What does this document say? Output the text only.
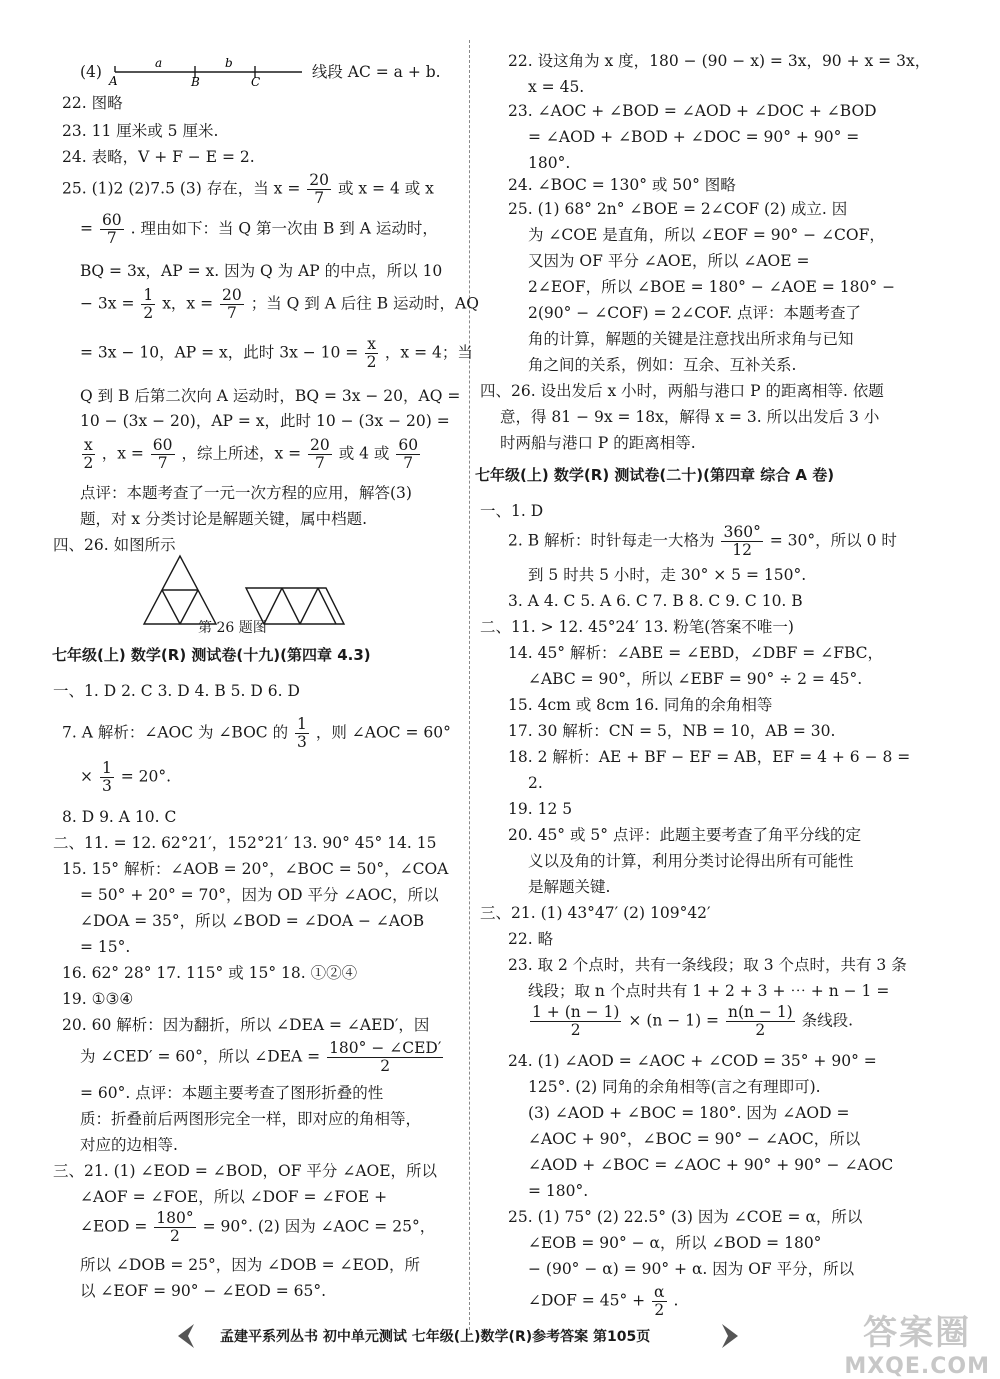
(4)	a	b
A	B	C
线段 AC = a + b.
22. 图略
23. 11 厘米或 5 厘米.
24. 表略，V + F − E = 2.
25. (1)2 (2)7.5 (3) 存在，当 $x = \frac{20}{7}$ 或 x = 4 或 x
= $\frac{60}{7}$ . 理由如下：当 Q 第一次由 B 到 A 运动时，
BQ = 3x，AP = x. 因为 Q 为 AP 的中点，所以 10
− $3x = \frac{1}{2}$ x，$x = \frac{20}{7}$ ；当 Q 到 A 后往 B 运动时，AQ
= 3x − 10，AP = x，此时 $3x - 10 = \frac{x}{2}$ ，x = 4；当
Q 到 B 后第二次向 A 运动时，BQ = 3x − 20，AQ =
10 − (3x − 20)，AP = x，此时 10 − (3x − 20) =
$\frac{x}{2}$ ，$x = \frac{60}{7}$ ，综上所述，$x = \frac{20}{7}$ 或 4 或 $\frac{60}{7}$
点评：本题考查了一元一次方程的应用，解答(3)
题，对 x 分类讨论是解题关键，属中档题.
四、26. 如图所示
第 26 题图
七年级(上) 数学(R) 测试卷(十九)(第四章 4.3)
一、1. D 2. C 3. D 4. B 5. D 6. D
7. A 解析：∠AOC 为 ∠BOC 的 $\frac{1}{3}$ ，则 ∠AOC = 60°
× $\frac{1}{3} = 20^\circ$.
8. D 9. A 10. C
二、11. = 12. 62°21′，152°21′ 13. 90° 45° 14. 15
15. 15° 解析：∠AOB = 20°，∠BOC = 50°，∠COA
= 50° + 20° = 70°，因为 OD 平分 ∠AOC，所以
∠DOA = 35°，所以 ∠BOD = ∠DOA − ∠AOB
= 15°.
16. 62° 28° 17. 115° 或 15° 18. ①②④
19. ①③④
20. 60 解析：因为翻折，所以 ∠DEA = ∠AED′，因
为 ∠CED′ = 60°，所以 ∠DEA = $\frac{\text{180° − ∠CED′}}{2}$
= 60°. 点评：本题主要考查了图形折叠的性
质：折叠前后两图形完全一样，即对应的角相等，
对应的边相等.
三、21. (1) ∠EOD = ∠BOD，OF 平分 ∠AOE，所以
∠AOF = ∠FOE，所以 ∠DOF = ∠FOE +
∠EOD = $\frac{180^\circ}{2} = 90^\circ$. (2) 因为 ∠AOC = 25°，
所以 ∠DOB = 25°，因为 ∠DOB = ∠EOD，所
以 ∠EOF = 90° − ∠EOD = 65°.
22. 设这角为 x 度，180 − (90 − x) = 3x，90 + x = 3x，
x = 45.
23. ∠AOC + ∠BOD = ∠AOD + ∠DOC + ∠BOD
= ∠AOD + ∠BOD + ∠DOC = 90° + 90° =
180°.
24. ∠BOC = 130° 或 50° 图略
25. (1) 68° 2n° ∠BOE = 2∠COF (2) 成立. 因
为 ∠COE 是直角，所以 ∠EOF = 90° − ∠COF，
又因为 OF 平分 ∠AOE，所以 ∠AOE =
2∠EOF，所以 ∠BOE = 180° − ∠AOE = 180° −
2(90° − ∠COF) = 2∠COF. 点评：本题考查了
角的计算，解题的关键是注意找出所求角与已知
角之间的关系，例如：互余、互补关系.
四、26. 设出发后 x 小时，两船与港口 P 的距离相等. 依题
意，得 81 − 9x = 18x，解得 x = 3. 所以出发后 3 小
时两船与港口 P 的距离相等.
七年级(上) 数学(R) 测试卷(二十)(第四章 综合 A 卷)
一、1. D
2. B 解析：时针每走一大格为 $\frac{360^\circ}{12} = 30^\circ$，所以 0 时
到 5 时共 5 小时，走 30° × 5 = 150°.
3. A 4. C 5. A 6. C 7. B 8. C 9. C 10. B
二、11. > 12. 45°24′ 13. 粉笔(答案不唯一)
14. 45° 解析：∠ABE = ∠EBD，∠DBF = ∠FBC，
∠ABC = 90°，所以 ∠EBF = 90° ÷ 2 = 45°.
15. 4cm 或 8cm 16. 同角的余角相等
17. 30 解析：CN = 5，NB = 10，AB = 30.
18. 2 解析：AE + BF − EF = AB，EF = 4 + 6 − 8 =
2.
19. 12 5
20. 45° 或 5° 点评：此题主要考查了角平分线的定
义以及角的计算，利用分类讨论得出所有可能性
是解题关键.
三、21. (1) 43°47′ (2) 109°42′
22. 略
23. 取 2 个点时，共有一条线段；取 3 个点时，共有 3 条
线段；取 n 个点时共有 1 + 2 + 3 + ⋯ + n − 1 =
$\frac{1 + (n - 1)}{2} \times (n - 1) = \frac{n(n - 1)}{2}$ 条线段.
24. (1) ∠AOD = ∠AOC + ∠COD = 35° + 90° =
125°. (2) 同角的余角相等(言之有理即可).
(3) ∠AOD + ∠BOC = 180°. 因为 ∠AOD =
∠AOC + 90°，∠BOC = 90° − ∠AOC，所以
∠AOD + ∠BOC = ∠AOC + 90° + 90° − ∠AOC
= 180°.
25. (1) 75° (2) 22.5° (3) 因为 ∠COE = α，所以
∠EOB = 90° − α，所以 ∠BOD = 180°
− (90° − α) = 90° + α. 因为 OF 平分，所以
∠DOF = $45^\circ + \frac{\alpha}{2}$ .
孟建平系列丛书 初中单元测试 七年级(上)数学(R)参考答案 第105页	答案圈
MXQE.COM
